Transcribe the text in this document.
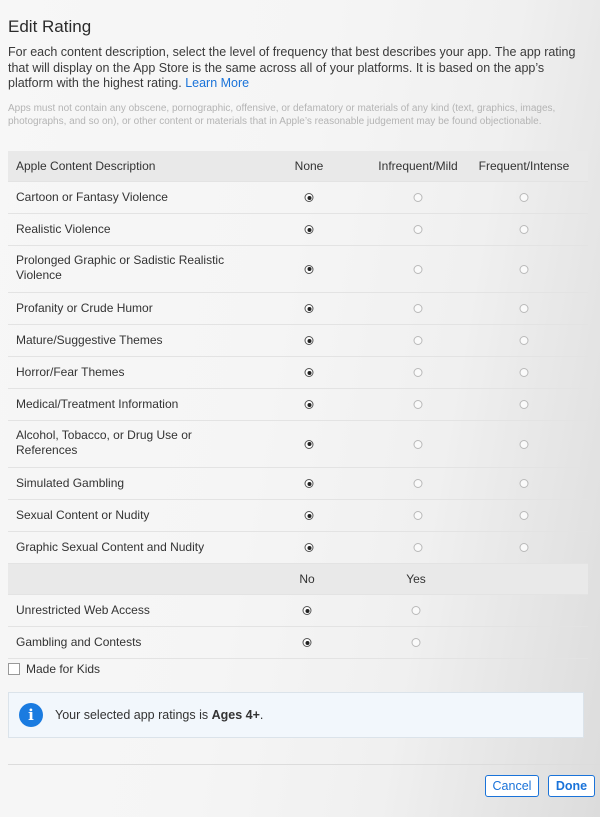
Edit Rating
For each content description, select the level of frequency that best describes your app. The app rating that will display on the App Store is the same across all of your platforms. It is based on the app’s platform with the highest rating. Learn More
Apps must not contain any obscene, pornographic, offensive, or defamatory or materials of any kind (text, graphics, images, photographs, and so on), or other content or materials that in Apple’s reasonable judgement may be found objectionable.
Apple Content Description	None	Infrequent/Mild Frequent/Intense
Cartoon or Fantasy Violence
Realistic Violence
Prolonged Graphic or Sadistic Realistic Violence
Profanity or Crude Humor
Mature/Suggestive Themes
Horror/Fear Themes
Medical/Treatment Information
Alcohol, Tobacco, or Drug Use or References
Simulated Gambling
Sexual Content or Nudity
Graphic Sexual Content and Nudity
No	Yes
Unrestricted Web Access
Gambling and Contests
Made for Kids
i	Your selected app ratings is Ages 4+.
Cancel	Done
